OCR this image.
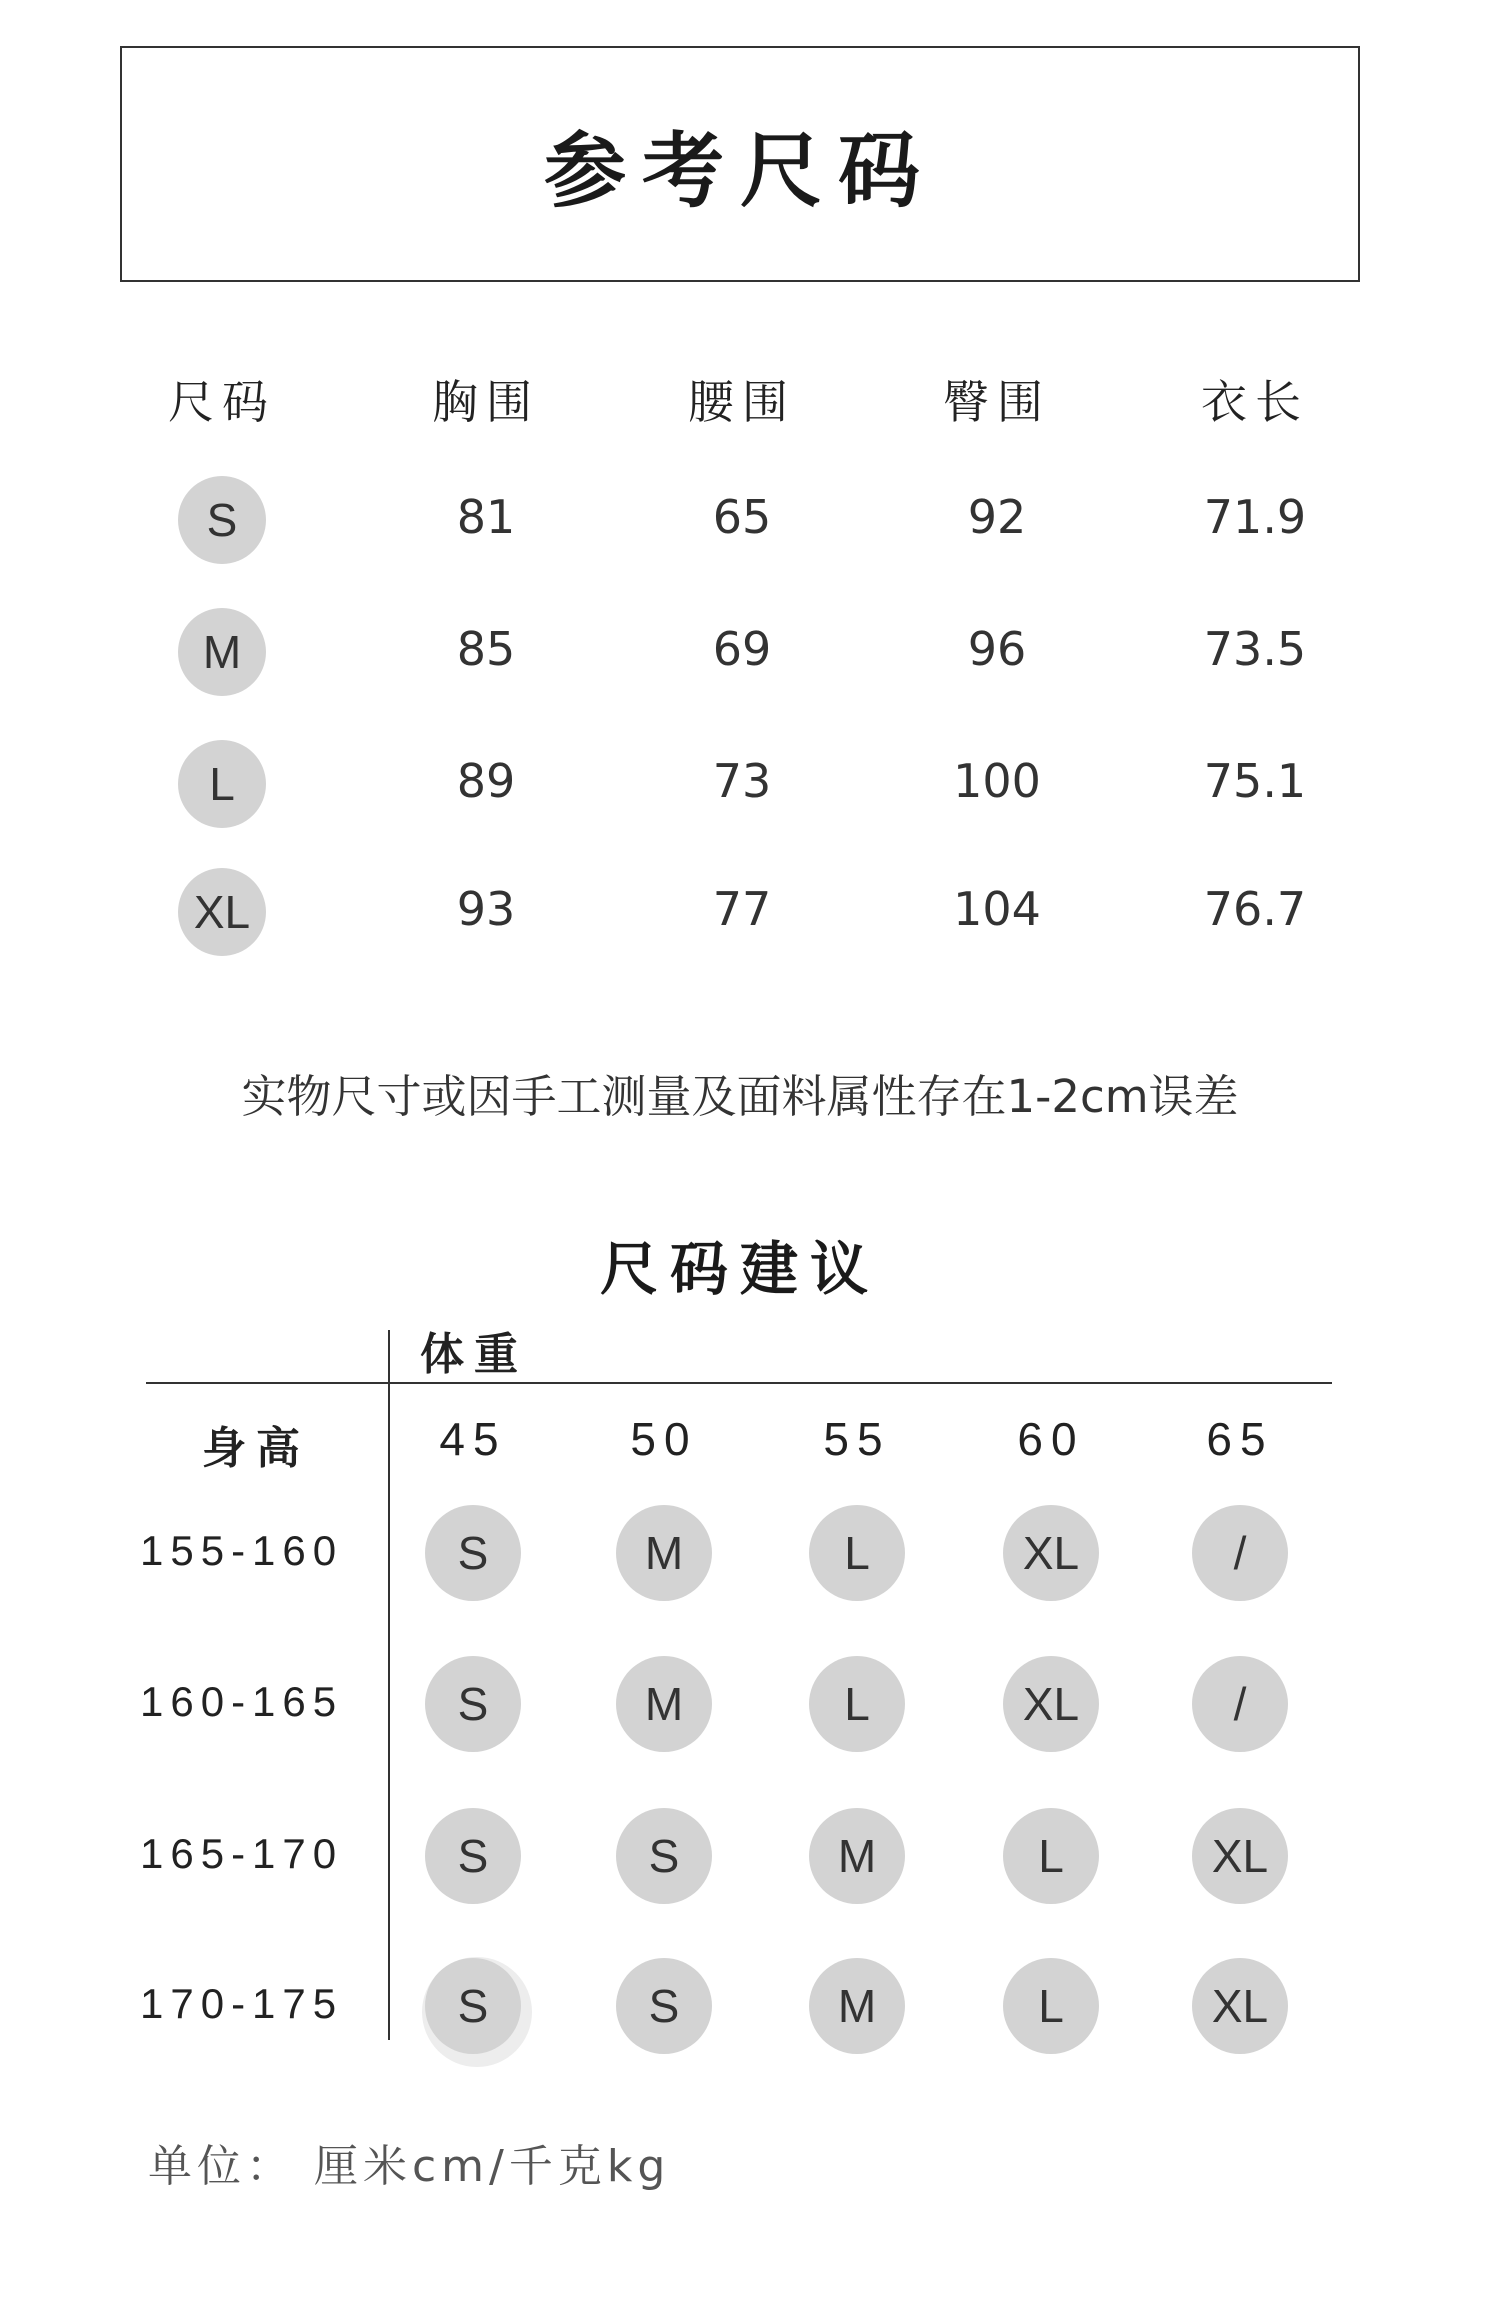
参考尺码
尺码	胸围	腰围	臀围	衣长
S	81	65	92	71.9
M	85	69	96	73.5
L	89	73	100	75.1
XL	93	77	104	76.7
实物尺寸或因手工测量及面料属性存在1-2cm误差
尺码建议
体重
身高	45	50	55	60	65
155-160	S	M	L	XL	/
160-165	S	M	L	XL	/
165-170	S	S	M	L	XL
170-175	S	S	M	L	XL
单位： 厘米cm/千克kg
